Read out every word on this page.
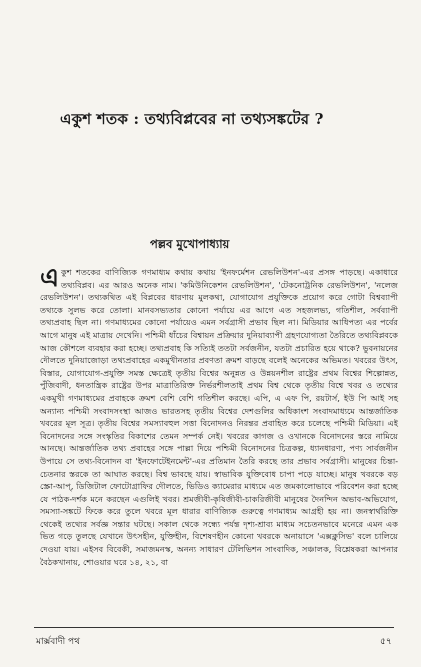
একুশ শতক : তথ্যবিপ্লবের না তথ্যসঙ্কটের ?
পল্লব মুখোপাধ্যায়

একুশ শতকের বাণিজ্যিক গণমাধ্যম কথায় কথায় 'ইনফর্মেশন রেভলিউশন'-এর প্রসঙ্গ পাড়ছে। একাধারে তথ্যবিপ্লব। এর আরও অনেক নাম। 'কমিউনিকেশন রেভলিউশন', 'টেকনোট্রনিক রেভলিউশন', 'নলেজ রেভলিউশন'। তথ্যকথিত এই বিপ্লবের ধারণায় মুলকথা, যোগাযোগ প্রযুক্তিকে প্রয়োগ করে গোটা বিশ্বব্যাপী তথ্যকে সুলভ করে তোলা। মানবসভ্যতার কোনো পর্যায়ে এর আগে এত সহজলভ্য, গতিশীল, সর্বব্যাপী তথ্যপ্রবাহ ছিল না। গণমাধ্যমের কোনো পর্যায়েও এমন সর্বগ্রাসী প্রভাব ছিল না। মিডিয়ার আধিপত্য এর পর্বের আগে মানুষ এই মাত্রায় দেখেনি। পশ্চিমী ধাঁচের বিশ্বায়ন প্রক্রিয়ার দুনিয়াব্যাপী গ্রহণযোগ্যতা তৈরিতে তথ্যবিপ্লবকে আজ কৌশলে ব্যবহার করা হচ্ছে। তথ্যপ্রবাহ কি সত্যিই ততটা সর্বজনীন, যতটা প্রচারিত হয়ে থাকে? ভুবনায়নের দৌলতে দুনিয়াজোড়া তথ্যপ্রবাহের একমুখীনতার প্রবণতা ক্রমশ বাড়ছে বলেই অনেকের অভিমত। খবরের উৎস, বিস্তার, যোগাযোগ-প্রযুক্তি সমস্ত ক্ষেত্রেই তৃতীয় বিশ্বের অনুন্নত ও উন্নয়নশীল রাষ্ট্রের প্রথম বিশ্বের শিল্পোন্নত, পুঁজিবাদী, ধনতান্ত্রিক রাষ্ট্রের উপর মাত্রাতিরিক্ত নির্ভরশীলতাই প্রথম বিশ্ব থেকে তৃতীয় বিশ্বে খবর ও তথ্যের একমুখী গণমাধ্যমের প্রবাহকে ক্রমশ বেশি বেশি গতিশীল করছে। এপি, এ এফ পি, রয়টার্স, ইউ পি আই সহ অন্যান্য পশ্চিমী সংবাদসংস্থা আজও ভারতসহ তৃতীয় বিশ্বের দেশগুলির অধিকাংশ সংবাদমাধ্যমে আন্তর্জাতিক খবরের মূল সূত্র। তৃতীয় বিশ্বের সমস্যাবহুল সত্তা বিনোদনও নিরন্তর প্রবাহিত করে চলেছে পশ্চিমী মিডিয়া। এই বিনোদনের সঙ্গে সংস্কৃতির বিকাশের তেমন সম্পর্ক নেই। খবরের কাগজ ও ওখানকে বিনোদনের স্তরে নামিয়ে আনছে। আন্তর্জাতিক তথ্য প্রবাহের সঙ্গে পাল্লা দিয়ে পশ্চিমী বিনোদনের চিত্রকল্প, ধ্যানধারণা, পণ্য সার্বজনীন উপায়ে সে তথ্য-বিনোদন বা 'ইনফোটেইনমেন্ট'-এর প্রতিমান তৈরি করছে তার প্রভাব সর্বগ্রাসী। মানুষের চিন্তা-চেতনার স্তরকে তা আঘাত করছে। বিশ্ব ভাবছে যায়। স্বাভাবিক যুক্তিবোধ চাপা পড়ে যাচ্ছে। মানুষ খবরকে বড় স্ক্রো-আপ্, ডিজিটাল ফোটোগ্রাফির দৌলতে, ভিডিও ক্যামেরার মাধ্যমে এত জমকালোভাবে পরিবেশন করা হচ্ছে যে পাঠক-দর্শক মনে করছেন এগুলিই খবর। শ্রমজীবী-কৃষিজীবী-চাকরিজীবী মানুষের দৈনন্দিন অভাব-অভিযোগ, সমস্যা-সঙ্কটে ফিকে করে তুলে খবরে মূল ধারার বাণিজ্যিক গুরুত্বে গণমাধ্যম আগ্রহী হয় না। জনস্বার্থরিক্তি থেকেই তথ্যের সর্বজ্ঞ সন্তার ঘটছে। সকাল থেকে সন্ধ্যে পর্যন্ত দৃশ্য-শ্রাব্য মাধ্যম সচেতনভাবে মনেরে এমন এক ভিত গড়ে তুলছে যেখানে উৎসহীন, যুক্তিহীন, বিশেষণহীন কোনো খবরকে অনায়াসে 'এক্সক্লুসিভ' বলে চালিয়ে দেওয়া যায়। এইসব বিবেকী, সমাজমনস্ক, অনন্য সাধারণ টেলিভিশন সাংবাদিক, সঞ্চালক, বিশ্লেষকরা আপনার বৈঠকখানায়, শোওয়ার ঘরে ১৪, ২১, বা

মার্ক্সবাদী পথ	৫৭
